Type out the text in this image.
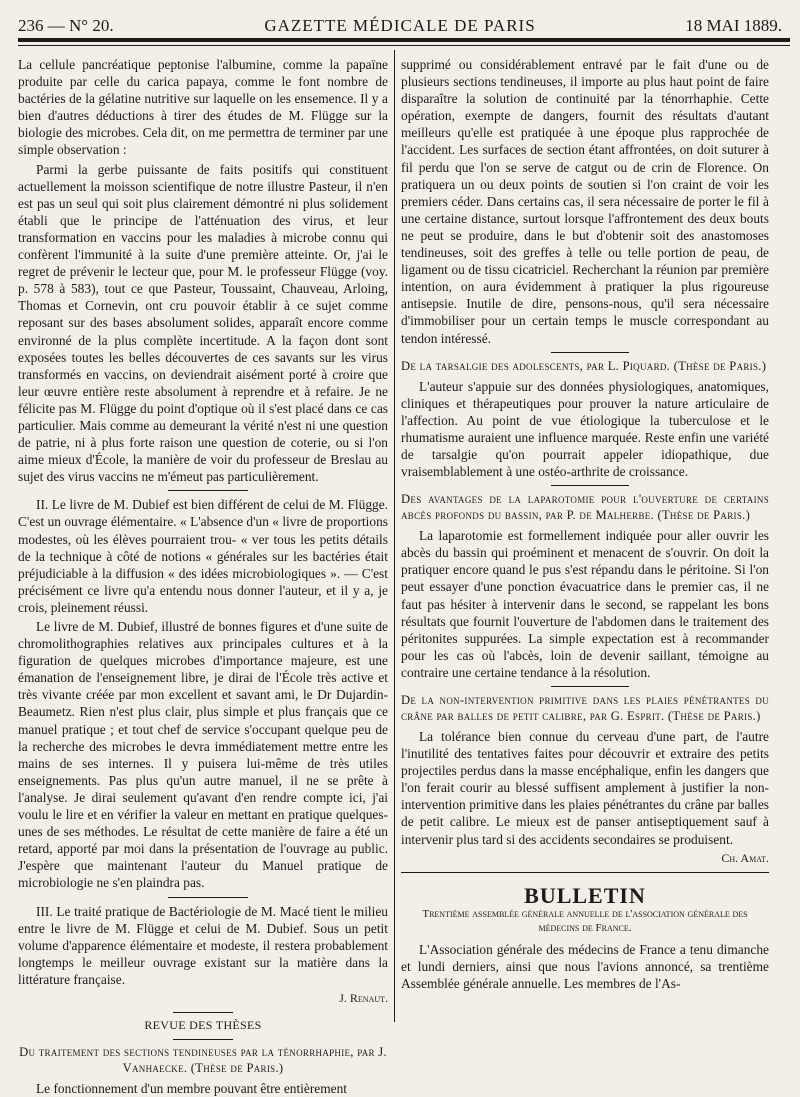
236 — N° 20.	GAZETTE MÉDICALE DE PARIS	18 MAI 1889.

La cellule pancréatique peptonise l'albumine, comme la papaïne produite par celle du carica papaya, comme le font nombre de bactéries de la gélatine nutritive sur laquelle on les ensemence. Il y a bien d'autres déductions à tirer des études de M. Flügge sur la biologie des microbes. Cela dit, on me permettra de terminer par une simple observation :

Parmi la gerbe puissante de faits positifs qui constituent actuellement la moisson scientifique de notre illustre Pasteur, il n'en est pas un seul qui soit plus clairement démontré ni plus solidement établi que le principe de l'atténuation des virus, et leur transformation en vaccins pour les maladies à microbe connu qui confèrent l'immunité à la suite d'une première atteinte. Or, j'ai le regret de prévenir le lecteur que, pour M. le professeur Flügge (voy. p. 578 à 583), tout ce que Pasteur, Toussaint, Chauveau, Arloing, Thomas et Cornevin, ont cru pouvoir établir à ce sujet comme reposant sur des bases absolument solides, apparaît encore comme environné de la plus complète incertitude. A la façon dont sont exposées toutes les belles découvertes de ces savants sur les virus transformés en vaccins, on deviendrait aisément porté à croire que leur œuvre entière reste absolument à reprendre et à refaire. Je ne félicite pas M. Flügge du point d'optique où il s'est placé dans ce cas particulier. Mais comme au demeurant la vérité n'est ni une question de patrie, ni à plus forte raison une question de coterie, ou si l'on aime mieux d'École, la manière de voir du professeur de Breslau au sujet des virus vaccins ne m'émeut pas particulièrement.

II. Le livre de M. Dubief est bien différent de celui de M. Flügge. C'est un ouvrage élémentaire. « L'absence d'un « livre de proportions modestes, où les élèves pourraient trou- « ver tous les petits détails de la technique à côté de notions « générales sur les bactéries était préjudiciable à la diffusion « des idées microbiologiques ». — C'est précisément ce livre qu'a entendu nous donner l'auteur, et il y a, je crois, pleinement réussi.

Le livre de M. Dubief, illustré de bonnes figures et d'une suite de chromolithographies relatives aux principales cultures et à la figuration de quelques microbes d'importance majeure, est une émanation de l'enseignement libre, je dirai de l'École très active et très vivante créée par mon excellent et savant ami, le Dr Dujardin-Beaumetz. Rien n'est plus clair, plus simple et plus français que ce manuel pratique ; et tout chef de service s'occupant quelque peu de la recherche des microbes le devra immédiatement mettre entre les mains de ses internes. Il y puisera lui-même de très utiles enseignements. Pas plus qu'un autre manuel, il ne se prête à l'analyse. Je dirai seulement qu'avant d'en rendre compte ici, j'ai voulu le lire et en vérifier la valeur en mettant en pratique quelques-unes de ses méthodes. Le résultat de cette manière de faire a été un retard, apporté par moi dans la présentation de l'ouvrage au public. J'espère que maintenant l'auteur du Manuel pratique de microbiologie ne s'en plaindra pas.

III. Le traité pratique de Bactériologie de M. Macé tient le milieu entre le livre de M. Flügge et celui de M. Dubief. Sous un petit volume d'apparence élémentaire et modeste, il restera probablement longtemps le meilleur ouvrage existant sur la matière dans la littérature française.

J. Renaut.
REVUE DES THÈSES

Du traitement des sections tendineuses par la ténorrhaphie, par J. Vanhaecke. (Thèse de Paris.)

Le fonctionnement d'un membre pouvant être entièrement

supprimé ou considérablement entravé par le fait d'une ou de plusieurs sections tendineuses, il importe au plus haut point de faire disparaître la solution de continuité par la ténorrhaphie. Cette opération, exempte de dangers, fournit des résultats d'autant meilleurs qu'elle est pratiquée à une époque plus rapprochée de l'accident. Les surfaces de section étant affrontées, on doit suturer à fil perdu que l'on se serve de catgut ou de crin de Florence. On pratiquera un ou deux points de soutien si l'on craint de voir les premiers céder. Dans certains cas, il sera nécessaire de porter le fil à une certaine distance, surtout lorsque l'affrontement des deux bouts ne peut se produire, dans le but d'obtenir soit des anastomoses tendineuses, soit des greffes à telle ou telle portion de peau, de ligament ou de tissu cicatriciel. Recherchant la réunion par première intention, on aura évidemment à pratiquer la plus rigoureuse antisepsie. Inutile de dire, pensons-nous, qu'il sera nécessaire d'immobiliser pour un certain temps le muscle correspondant au tendon intéressé.

De la tarsalgie des adolescents, par L. Piquard. (Thèse de Paris.)

L'auteur s'appuie sur des données physiologiques, anatomiques, cliniques et thérapeutiques pour prouver la nature articulaire de l'affection. Au point de vue étiologique la tuberculose et le rhumatisme auraient une influence marquée. Reste enfin une variété de tarsalgie qu'on pourrait appeler idiopathique, due vraisemblablement à une ostéo-arthrite de croissance.

Des avantages de la laparotomie pour l'ouverture de certains abcès profonds du bassin, par P. de Malherbe. (Thèse de Paris.)

La laparotomie est formellement indiquée pour aller ouvrir les abcès du bassin qui proéminent et menacent de s'ouvrir. On doit la pratiquer encore quand le pus s'est répandu dans le péritoine. Si l'on peut essayer d'une ponction évacuatrice dans le premier cas, il ne faut pas hésiter à intervenir dans le second, se rappelant les bons résultats que fournit l'ouverture de l'abdomen dans le traitement des péritonites suppurées. La simple expectation est à recommander pour les cas où l'abcès, loin de devenir saillant, témoigne au contraire une certaine tendance à la résolution.

De la non-intervention primitive dans les plaies pénétrantes du crâne par balles de petit calibre, par G. Esprit. (Thèse de Paris.)

La tolérance bien connue du cerveau d'une part, de l'autre l'inutilité des tentatives faites pour découvrir et extraire des petits projectiles perdus dans la masse encéphalique, enfin les dangers que l'on ferait courir au blessé suffisent amplement à justifier la non-intervention primitive dans les plaies pénétrantes du crâne par balles de petit calibre. Le mieux est de panser antiseptiquement sauf à intervenir plus tard si des accidents secondaires se produisent.

Ch. Amat.
BULLETIN
Trentième assemblée générale annuelle de l'association générale des médecins de France.

L'Association générale des médecins de France a tenu dimanche et lundi derniers, ainsi que nous l'avions annoncé, sa trentième Assemblée générale annuelle. Les membres de l'As-
